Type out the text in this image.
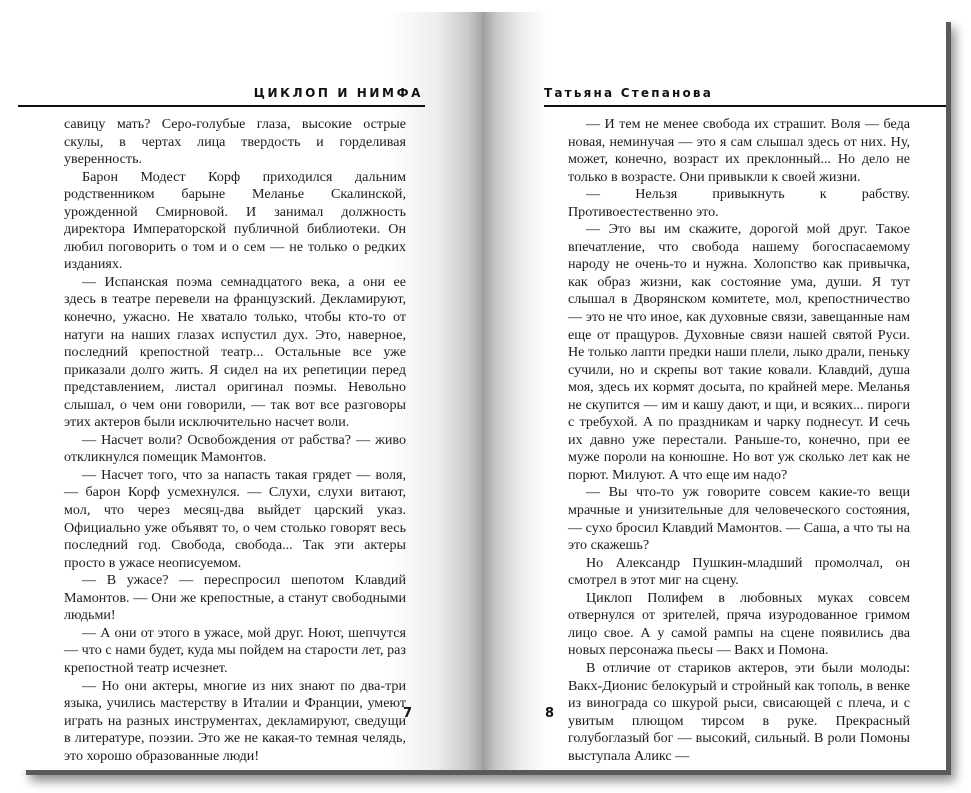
ЦИКЛОП И НИМФА

савицу мать? Серо-голубые глаза, высокие острые скулы, в чертах лица твердость и горделивая уверенность.

Барон Модест Корф приходился дальним родственником барыне Меланье Скалинской, урожденной Смирновой. И занимал должность директора Императорской публичной библиотеки. Он любил поговорить о том и о сем — не только о редких изданиях.

— Испанская поэма семнадцатого века, а они ее здесь в театре перевели на французский. Декламируют, конечно, ужасно. Не хватало только, чтобы кто-то от натуги на наших глазах испустил дух. Это, наверное, последний крепостной театр... Остальные все уже приказали долго жить. Я сидел на их репетиции перед представлением, листал оригинал поэмы. Невольно слышал, о чем они говорили, — так вот все разговоры этих актеров были исключительно насчет воли.

— Насчет воли? Освобождения от рабства? — живо откликнулся помещик Мамонтов.

— Насчет того, что за напасть такая грядет — воля, — барон Корф усмехнулся. — Слухи, слухи витают, мол, что через месяц-два выйдет царский указ. Официально уже объявят то, о чем столько говорят весь последний год. Свобода, свобода... Так эти актеры просто в ужасе неописуемом.

— В ужасе? — переспросил шепотом Клавдий Мамонтов. — Они же крепостные, а станут свободными людьми!

— А они от этого в ужасе, мой друг. Ноют, шепчутся — что с нами будет, куда мы пойдем на старости лет, раз крепостной театр исчезнет.

— Но они актеры, многие из них знают по два-три языка, учились мастерству в Италии и Франции, умеют играть на разных инструментах, декламируют, сведущи в литературе, поэзии. Это же не какая-то темная челядь, это хорошо образованные люди!

7
Татьяна Степанова

— И тем не менее свобода их страшит. Воля — беда новая, неминучая — это я сам слышал здесь от них. Ну, может, конечно, возраст их преклонный... Но дело не только в возрасте. Они привыкли к своей жизни.

— Нельзя привыкнуть к рабству. Противоестественно это.

— Это вы им скажите, дорогой мой друг. Такое впечатление, что свобода нашему богоспасаемому народу не очень-то и нужна. Холопство как привычка, как образ жизни, как состояние ума, души. Я тут слышал в Дворянском комитете, мол, крепостничество — это не что иное, как духовные связи, завещанные нам еще от пращуров. Духовные связи нашей святой Руси. Не только лапти предки наши плели, лыко драли, пеньку сучили, но и скрепы вот такие ковали. Клавдий, душа моя, здесь их кормят досыта, по крайней мере. Меланья не скупится — им и кашу дают, и щи, и всяких... пироги с требухой. А по праздникам и чарку поднесут. И сечь их давно уже перестали. Раньше-то, конечно, при ее муже пороли на конюшне. Но вот уж сколько лет как не порют. Милуют. А что еще им надо?

— Вы что-то уж говорите совсем какие-то вещи мрачные и унизительные для человеческого состояния, — сухо бросил Клавдий Мамонтов. — Саша, а что ты на это скажешь?

Но Александр Пушкин-младший промолчал, он смотрел в этот миг на сцену.

Циклоп Полифем в любовных муках совсем отвернулся от зрителей, пряча изуродованное гримом лицо свое. А у самой рампы на сцене появились два новых персонажа пьесы — Вакх и Помона.

В отличие от стариков актеров, эти были молоды: Вакх-Дионис белокурый и стройный как тополь, в венке из винограда со шкурой рыси, свисающей с плеча, и с увитым плющом тирсом в руке. Прекрасный голубоглазый бог — высокий, сильный. В роли Помоны выступала Аликс —

8
